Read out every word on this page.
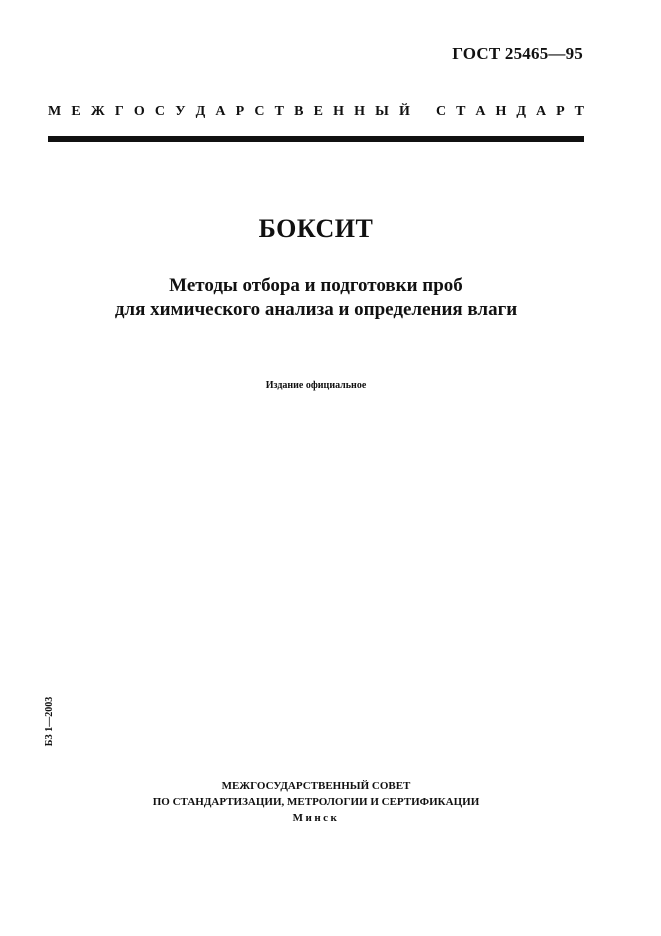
ГОСТ 25465—95
М Е Ж Г О С У Д А Р С Т В Е Н Н Ы Й С Т А Н Д А Р Т
БОКСИТ
Методы отбора и подготовки проб
для химического анализа и определения влаги
Издание официальное
БЗ 1—2003
МЕЖГОСУДАРСТВЕННЫЙ СОВЕТ
ПО СТАНДАРТИЗАЦИИ, МЕТРОЛОГИИ И СЕРТИФИКАЦИИ
Минск
